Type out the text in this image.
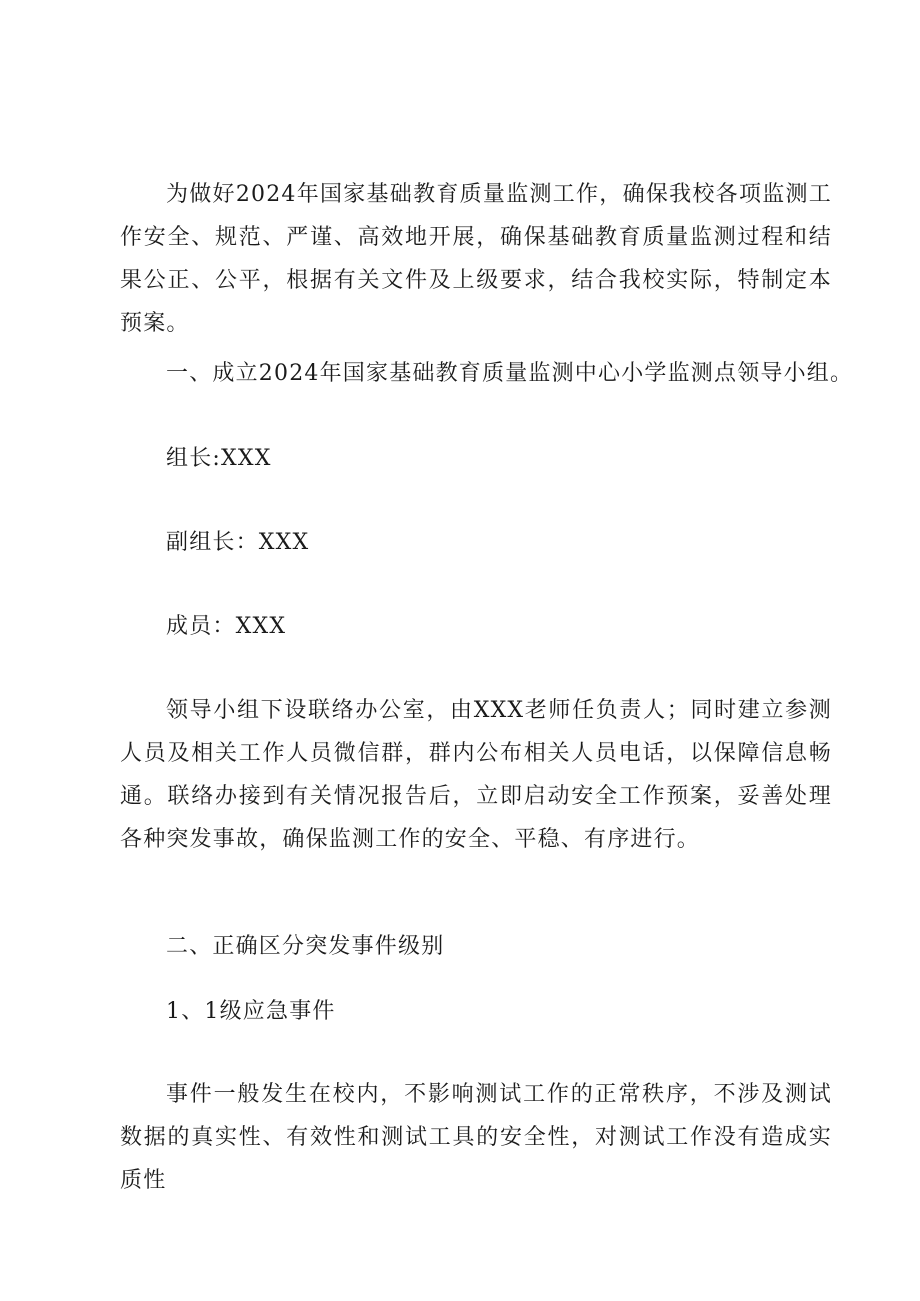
为做好2024年国家基础教育质量监测工作，确保我校各项监测工作安全、规范、严谨、高效地开展，确保基础教育质量监测过程和结果公正、公平，根据有关文件及上级要求，结合我校实际，特制定本预案。

一、成立2024年国家基础教育质量监测中心小学监测点领导小组。

组长:XXX

副组长：XXX

成员：XXX

领导小组下设联络办公室，由XXX老师任负责人；同时建立参测人员及相关工作人员微信群，群内公布相关人员电话，以保障信息畅通。联络办接到有关情况报告后，立即启动安全工作预案，妥善处理各种突发事故，确保监测工作的安全、平稳、有序进行。

二、正确区分突发事件级别

1、1级应急事件

事件一般发生在校内，不影响测试工作的正常秩序，不涉及测试数据的真实性、有效性和测试工具的安全性，对测试工作没有造成实质性
